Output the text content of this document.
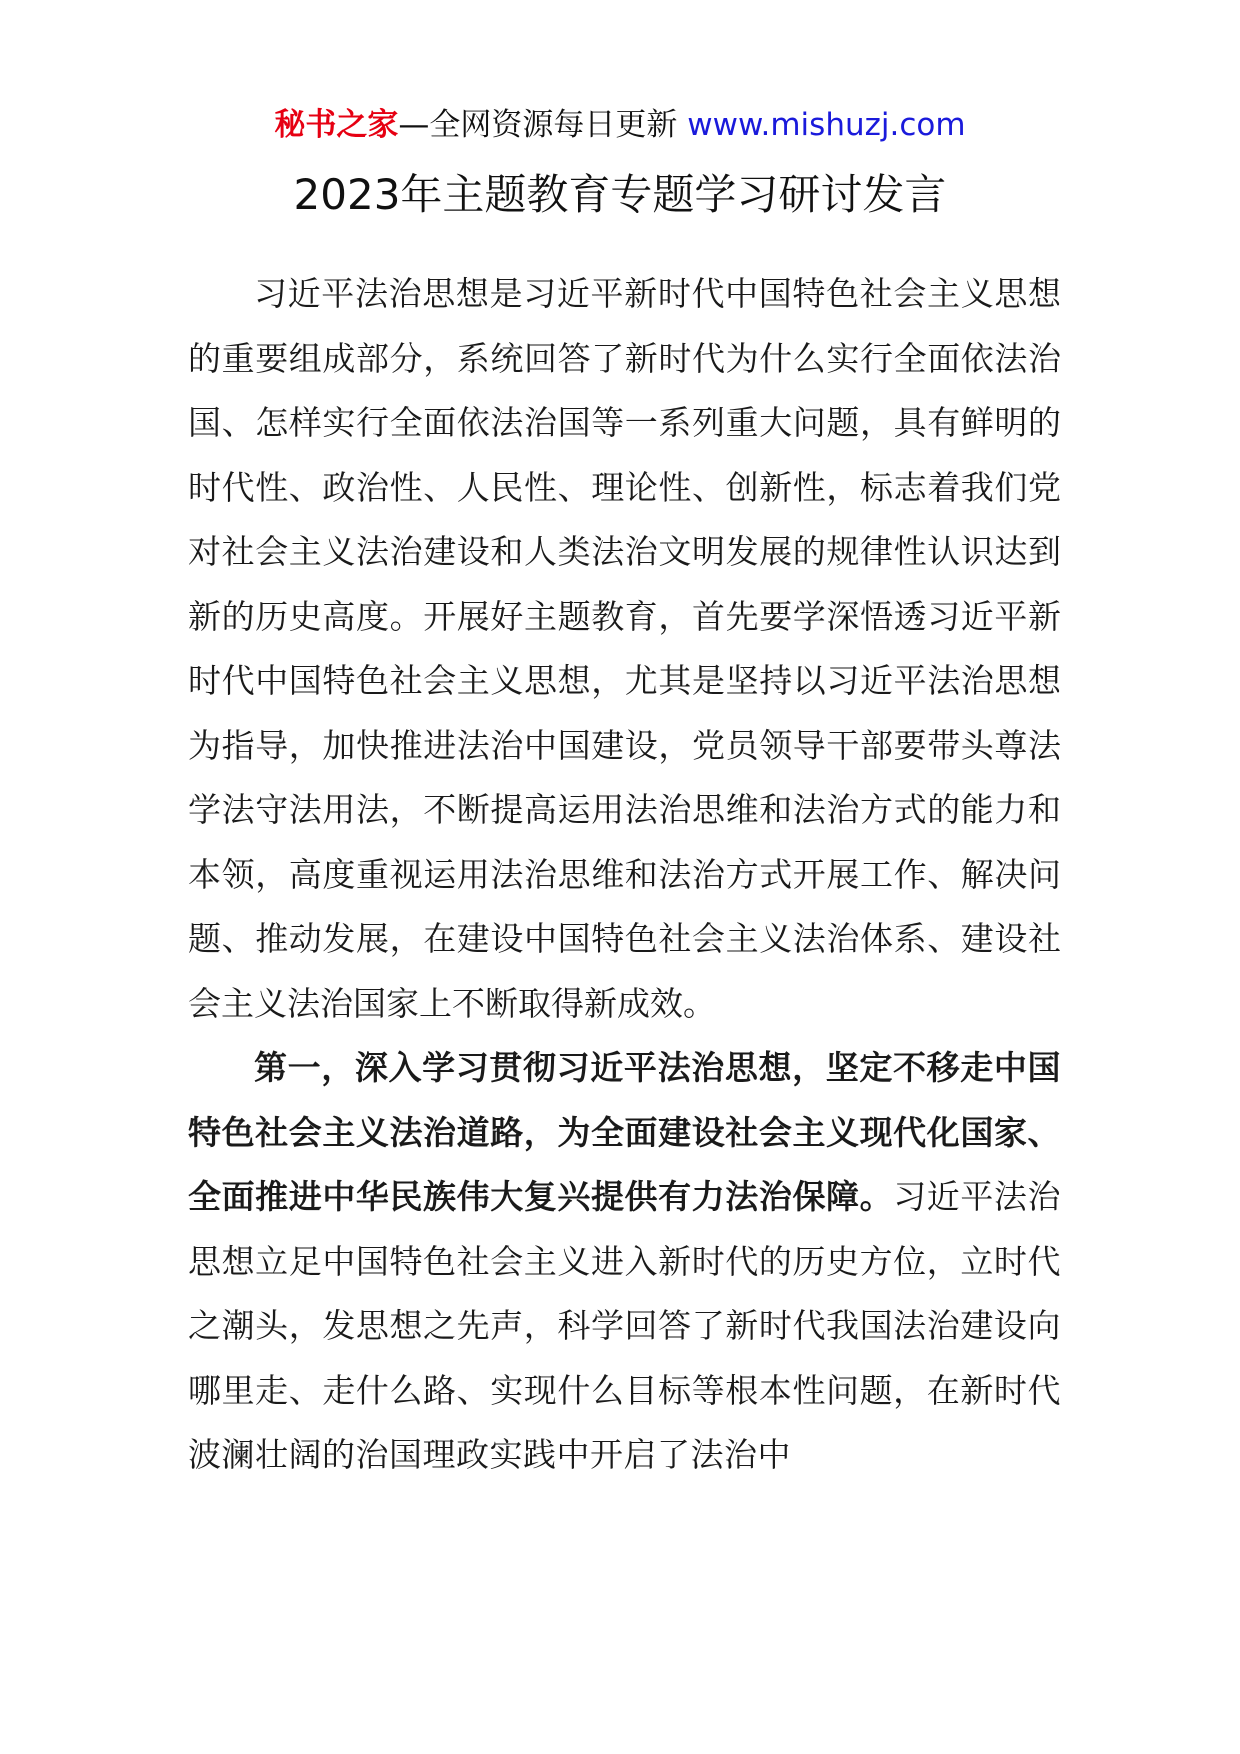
秘书之家—全网资源每日更新 www.mishuzj.com
2023年主题教育专题学习研讨发言

习近平法治思想是习近平新时代中国特色社会主义思想的重要组成部分，系统回答了新时代为什么实行全面依法治国、怎样实行全面依法治国等一系列重大问题，具有鲜明的时代性、政治性、人民性、理论性、创新性，标志着我们党对社会主义法治建设和人类法治文明发展的规律性认识达到新的历史高度。开展好主题教育，首先要学深悟透习近平新时代中国特色社会主义思想，尤其是坚持以习近平法治思想为指导，加快推进法治中国建设，党员领导干部要带头尊法学法守法用法，不断提高运用法治思维和法治方式的能力和本领，高度重视运用法治思维和法治方式开展工作、解决问题、推动发展，在建设中国特色社会主义法治体系、建设社会主义法治国家上不断取得新成效。

第一，深入学习贯彻习近平法治思想，坚定不移走中国特色社会主义法治道路，为全面建设社会主义现代化国家、全面推进中华民族伟大复兴提供有力法治保障。习近平法治思想立足中国特色社会主义进入新时代的历史方位，立时代之潮头，发思想之先声，科学回答了新时代我国法治建设向哪里走、走什么路、实现什么目标等根本性问题，在新时代波澜壮阔的治国理政实践中开启了法治中
